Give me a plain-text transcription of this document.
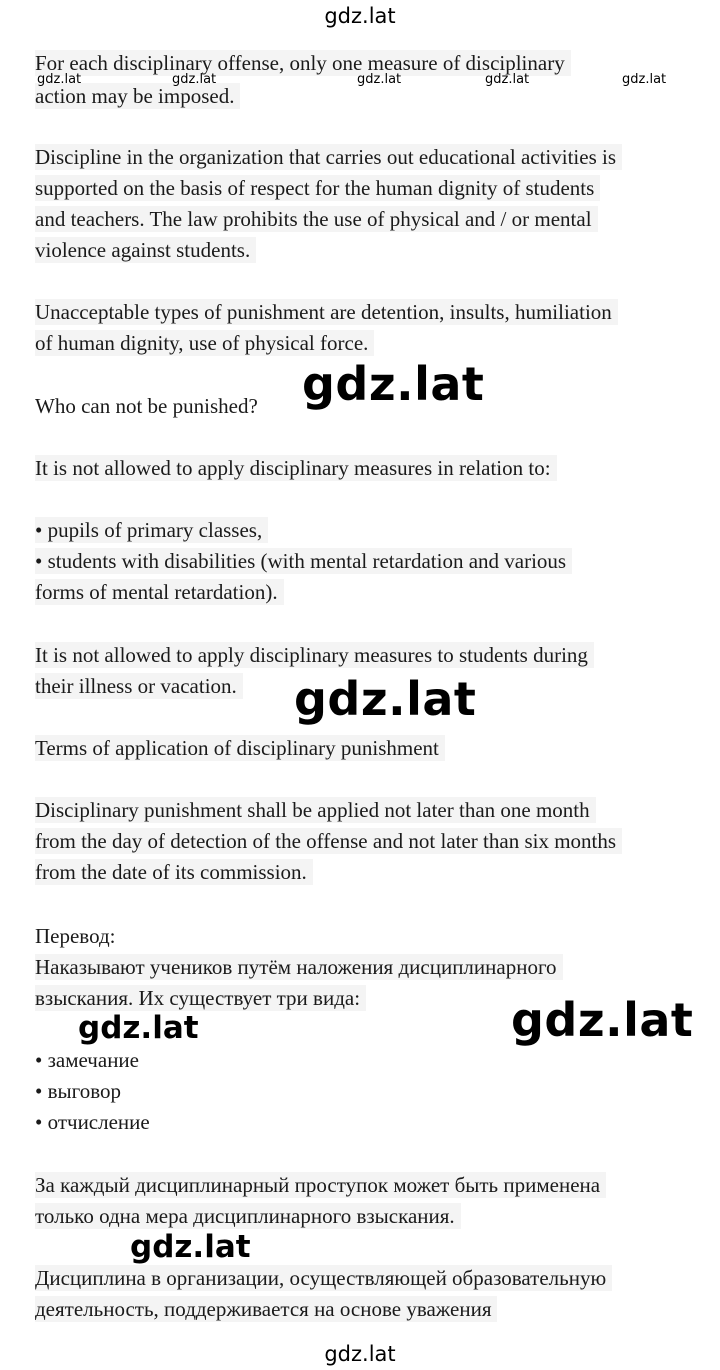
gdz.lat
For each disciplinary offense, only one measure of disciplinary
action may be imposed.
gdz.lat	gdz.lat	gdz.lat	gdz.lat	gdz.lat
Discipline in the organization that carries out educational activities is
supported on the basis of respect for the human dignity of students
and teachers. The law prohibits the use of physical and / or mental
violence against students.
Unacceptable types of punishment are detention, insults, humiliation
of human dignity, use of physical force.
Who can not be punished? gdz.lat
It is not allowed to apply disciplinary measures in relation to:
• pupils of primary classes,
• students with disabilities (with mental retardation and various
forms of mental retardation).
It is not allowed to apply disciplinary measures to students during
their illness or vacation. gdz.lat
Terms of application of disciplinary punishment
Disciplinary punishment shall be applied not later than one month
from the day of detection of the offense and not later than six months
from the date of its commission.
Перевод:
Наказывают учеников путём наложения дисциплинарного
взыскания. Их существует три вида:
gdz.lat	gdz.lat
• замечание
• выговор
• отчисление
За каждый дисциплинарный проступок может быть применена
только одна мера дисциплинарного взыскания.
gdz.lat
Дисциплина в организации, осуществляющей образовательную
деятельность, поддерживается на основе уважения
gdz.lat
